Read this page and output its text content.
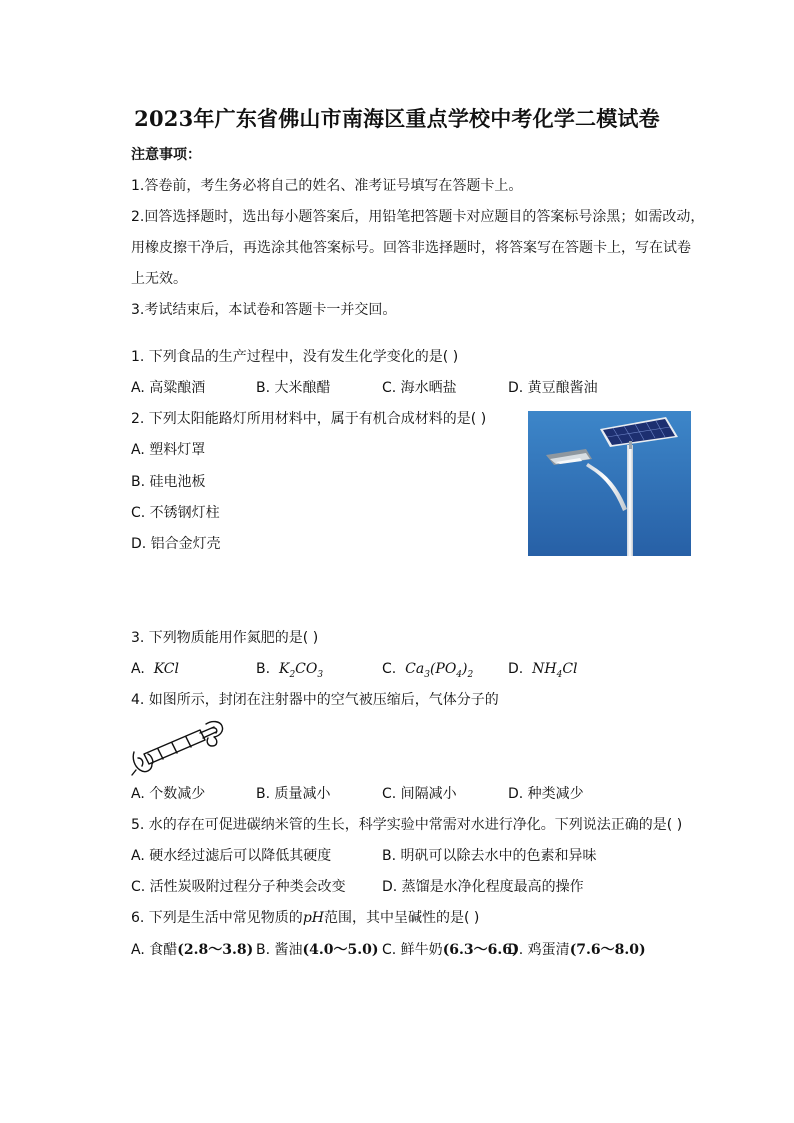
2023年广东省佛山市南海区重点学校中考化学二模试卷
注意事项：
1.答卷前，考生务必将自己的姓名、准考证号填写在答题卡上。
2.回答选择题时，选出每小题答案后，用铅笔把答题卡对应题目的答案标号涂黑；如需改动，
用橡皮擦干净后，再选涂其他答案标号。回答非选择题时，将答案写在答题卡上，写在试卷
上无效。
3.考试结束后，本试卷和答题卡一并交回。
1. 下列食品的生产过程中，没有发生化学变化的是( )
A. 高粱酿酒	B. 大米酿醋	C. 海水晒盐	D. 黄豆酿酱油
2. 下列太阳能路灯所用材料中，属于有机合成材料的是( )
A. 塑料灯罩
B. 硅电池板
C. 不锈钢灯柱
D. 铝合金灯壳
3. 下列物质能用作氮肥的是( )
A. KCl	B. $K_2CO_3$	C. $Ca_3(PO_4)_2$ D. $NH_4Cl$
4. 如图所示，封闭在注射器中的空气被压缩后，气体分子的
A. 个数减少	B. 质量减小	C. 间隔减小	D. 种类减少
5. 水的存在可促进碳纳米管的生长，科学实验中常需对水进行净化。下列说法正确的是( )
A. 硬水经过滤后可以降低其硬度	B. 明矾可以除去水中的色素和异味
C. 活性炭吸附过程分子种类会改变	D. 蒸馏是水净化程度最高的操作
6. 下列是生活中常见物质的pH范围，其中呈碱性的是( )
A. 食醋(2.8～3.8) B. 酱油(4.0～5.0) C. 鲜牛奶(6.3～6.6)
D. 鸡蛋清(7.6～8.0)
